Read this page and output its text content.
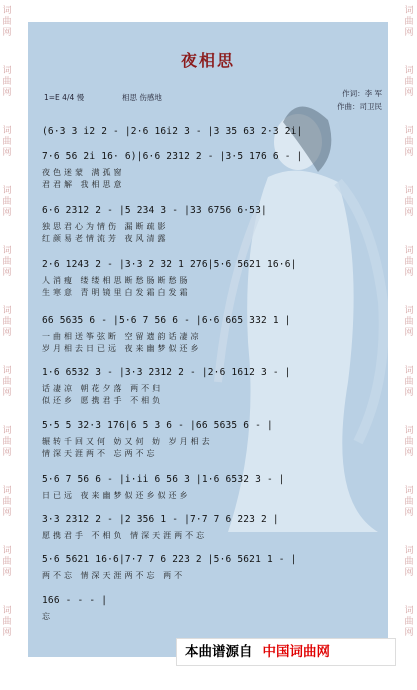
词曲网
词曲网
词曲网
词曲网
词曲网
词曲网
词曲网
词曲网
词曲网
词曲网
词曲网
词曲网
词曲网
词曲网
词曲网
词曲网
词曲网
词曲网
词曲网
词曲网
词曲网
词曲网
夜相思
1=E 4/4 慢	相思 伤感地	作词：李 军
作曲：司卫民
(6·3 3 i2 2 - |2·6 16i2 3 - |3 35 63 2·3 2i|
7·6 56 2i 16· 6)|6·6 2312 2 - |3·5 176 6 - |
夜色迷蒙 满孤窗
君君解 我相思意
6·6 2312 2 - |5 234 3 - |33 6756 6·53|
独思君心为情伤 漏断疏影
红颜易老情流芳 夜风清露
2·6 1243 2 - |3·3 2 32 1 276|5·6 5621 16·6|
人消瘦 缕缕相思断愁肠断愁肠
生寒意 青明镜里白发霜白发霜
66 5635 6 - |5·6 7 56 6 - |6·6 665 332 1 |
一曲相送筝弦断 空留遗韵话凄凉
岁月相去日已远 夜来幽梦似还乡
1·6 6532 3 - |3·3 2312 2 - |2·6 1612 3 - |
话凄凉 朝花夕落 两不归
似还乡 愿携君手 不相负
5·5 5 32·3 176|6 5 3 6 - |66 5635 6 - |
辗转千回又何 妨又何 妨 岁月相去
情深天涯两不 忘两不忘
5·6 7 56 6 - |i·ii 6 56 3 |1·6 6532 3 - |
日已远 夜来幽梦似还乡似还乡
3·3 2312 2 - |2 356 1 - |7·7 7 6 223 2 |
愿携君手 不相负 情深天涯两不忘
5·6 5621 16·6|7·7 7 6 223 2 |5·6 5621 1 - |
两不忘 情深天涯两不忘 两不
166 - - - |
忘
本曲谱源自 中国词曲网
